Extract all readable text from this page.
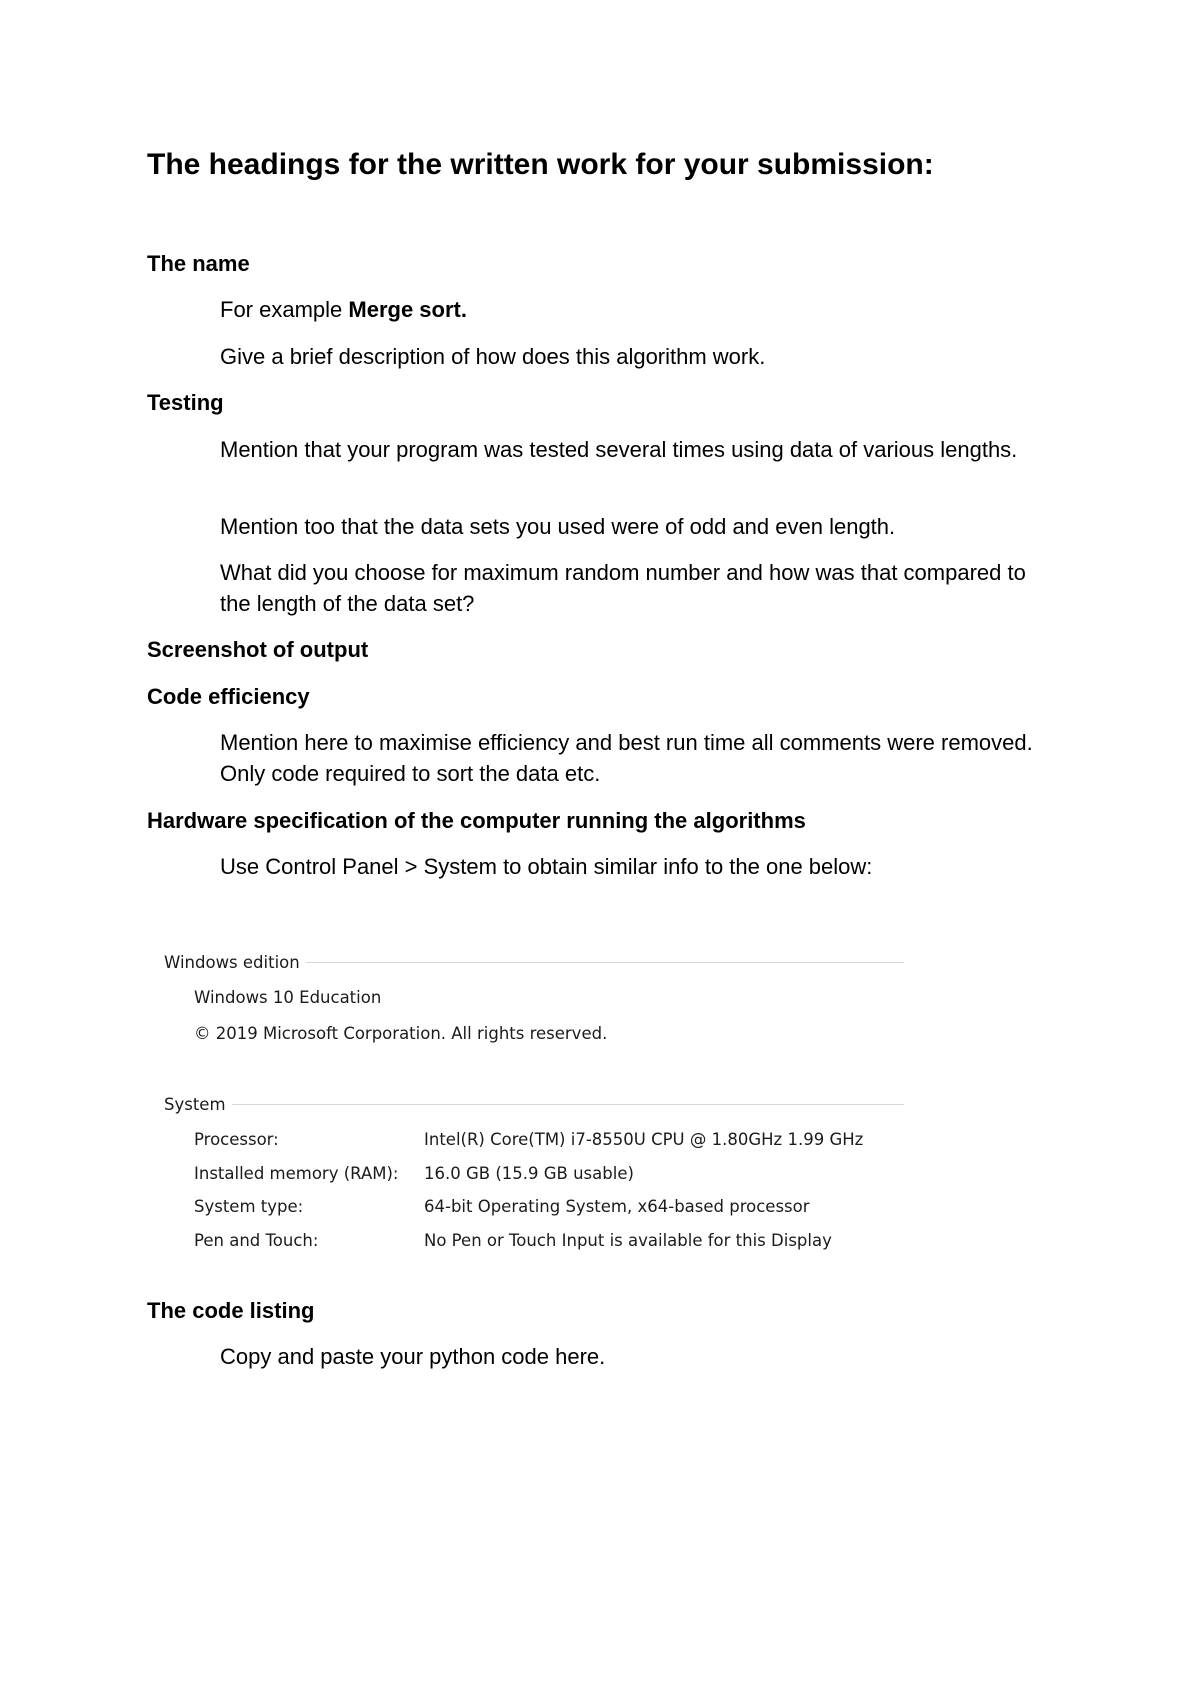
The headings for the written work for your submission:
The name
For example Merge sort.
Give a brief description of how does this algorithm work.
Testing
Mention that your program was tested several times using data of various lengths.
Mention too that the data sets you used were of odd and even length.
What did you choose for maximum random number and how was that compared to the length of the data set?
Screenshot of output
Code efficiency
Mention here to maximise efficiency and best run time all comments were removed. Only code required to sort the data etc.
Hardware specification of the computer running the algorithms
Use Control Panel > System to obtain similar info to the one below:
Windows edition
Windows 10 Education
© 2019 Microsoft Corporation. All rights reserved.
System
Processor:	Intel(R) Core(TM) i7-8550U CPU @ 1.80GHz 1.99 GHz
Installed memory (RAM): 16.0 GB (15.9 GB usable)
System type:	64-bit Operating System, x64-based processor
Pen and Touch:	No Pen or Touch Input is available for this Display
The code listing
Copy and paste your python code here.
